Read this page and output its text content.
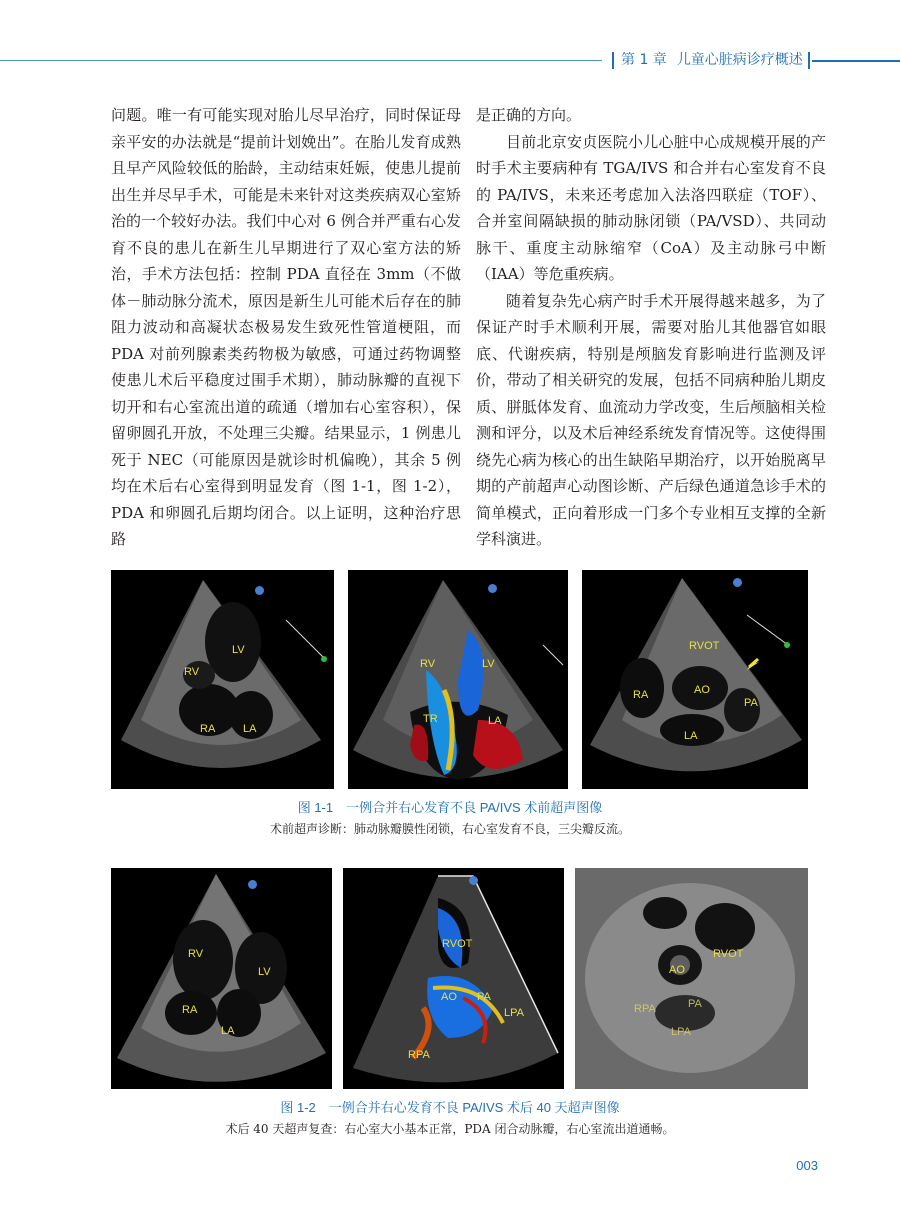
第 1 章 儿童心脏病诊疗概述

问题。唯一有可能实现对胎儿尽早治疗，同时保证母亲平安的办法就是“提前计划娩出”。在胎儿发育成熟且早产风险较低的胎龄，主动结束妊娠，使患儿提前出生并尽早手术，可能是未来针对这类疾病双心室矫治的一个较好办法。我们中心对 6 例合并严重右心发育不良的患儿在新生儿早期进行了双心室方法的矫治，手术方法包括：控制 PDA 直径在 3mm（不做体－肺动脉分流术，原因是新生儿可能术后存在的肺阻力波动和高凝状态极易发生致死性管道梗阻，而 PDA 对前列腺素类药物极为敏感，可通过药物调整使患儿术后平稳度过围手术期），肺动脉瓣的直视下切开和右心室流出道的疏通（增加右心室容积），保留卵圆孔开放，不处理三尖瓣。结果显示，1 例患儿死于 NEC（可能原因是就诊时机偏晚），其余 5 例均在术后右心室得到明显发育（图 1-1，图 1-2），PDA 和卵圆孔后期均闭合。以上证明，这种治疗思路

是正确的方向。

目前北京安贞医院小儿心脏中心成规模开展的产时手术主要病种有 TGA/IVS 和合并右心室发育不良的 PA/IVS，未来还考虑加入法洛四联症（TOF）、合并室间隔缺损的肺动脉闭锁（PA/VSD）、共同动脉干、重度主动脉缩窄（CoA）及主动脉弓中断（IAA）等危重疾病。

随着复杂先心病产时手术开展得越来越多，为了保证产时手术顺利开展，需要对胎儿其他器官如眼底、代谢疾病，特别是颅脑发育影响进行监测及评价，带动了相关研究的发展，包括不同病种胎儿期皮质、胼胝体发育、血流动力学改变，生后颅脑相关检测和评分，以及术后神经系统发育情况等。这使得围绕先心病为核心的出生缺陷早期治疗，以开始脱离早期的产前超声心动图诊断、产后绿色通道急诊手术的简单模式，正向着形成一门多个专业相互支撑的全新学科演进。

LV
RV
RA	LA
RV	LV
TR	LA
RVOT
AO
RA
PA
LA
图 1-1　一例合并右心发育不良 PA/IVS 术前超声图像
术前超声诊断：肺动脉瓣膜性闭锁，右心室发育不良，三尖瓣反流。
RV
LV
RA
LA
RVOT
AO PA
LPA
RPA
AO
RVOT
RPA	PA
LPA
图 1-2　一例合并右心发育不良 PA/IVS 术后 40 天超声图像
术后 40 天超声复查：右心室大小基本正常，PDA 闭合动脉瓣，右心室流出道通畅。
003
